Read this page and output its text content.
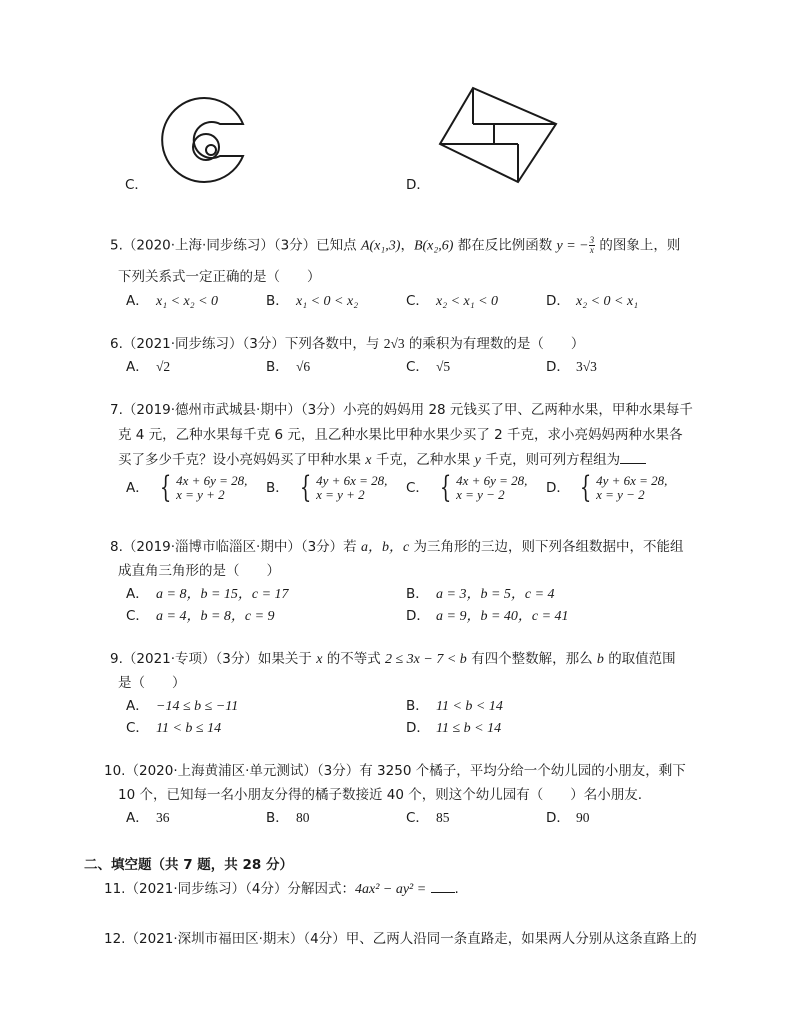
C．	D．
5.（2020·上海·同步练习）（3分）已知点 A(x₁,3)，B(x₂,6) 都在反比例函数 y = − $\frac{3}{x}$ 的图象上，则
下列关系式一定正确的是（　　）
A． x₁ < x₂ < 0	B． x₁ < 0 < x₂	C． x₂ < x₁ < 0	D． x₂ < 0 < x₁
6.（2021·同步练习）（3分）下列各数中，与 2√3 的乘积为有理数的是（　　）
A． √2	B． √6	C． √5	D． 3√3
7.（2019·德州市武城县·期中）（3分）小亮的妈妈用 28 元钱买了甲、乙两种水果，甲种水果每千
克 4 元，乙种水果每千克 6 元，且乙种水果比甲种水果少买了 2 千克，求小亮妈妈两种水果各
买了多少千克？设小亮妈妈买了甲种水果 x 千克，乙种水果 y 千克，则可列方程组为
A． { 4x + 6y = 28,
x = y + 2	B． { 4y + 6x = 28,
x = y + 2	C． { 4x + 6y = 28,
x = y − 2	D． { 4y + 6x = 28,
x = y − 2
8.（2019·淄博市临淄区·期中）（3分）若 a，b，c 为三角形的三边，则下列各组数据中，不能组
成直角三角形的是（　　）
A． a = 8，b = 15，c = 17	B． a = 3，b = 5，c = 4
C． a = 4，b = 8，c = 9	D． a = 9，b = 40，c = 41
9.（2021·专项）（3分）如果关于 x 的不等式 2 ≤ 3x − 7 < b 有四个整数解，那么 b 的取值范围
是（　　）
A． −14 ≤ b ≤ −11	B． 11 < b < 14
C． 11 < b ≤ 14	D． 11 ≤ b < 14
10.（2020·上海黄浦区·单元测试）（3分）有 3250 个橘子，平均分给一个幼儿园的小朋友，剩下
10 个，已知每一名小朋友分得的橘子数接近 40 个，则这个幼儿园有（　　）名小朋友.
A． 36	B． 80	C． 85	D． 90
二、填空题（共 7 题，共 28 分）
11.（2021·同步练习）（4分）分解因式：4ax² − ay² = .
12.（2021·深圳市福田区·期末）（4分）甲、乙两人沿同一条直路走，如果两人分别从这条直路上的
